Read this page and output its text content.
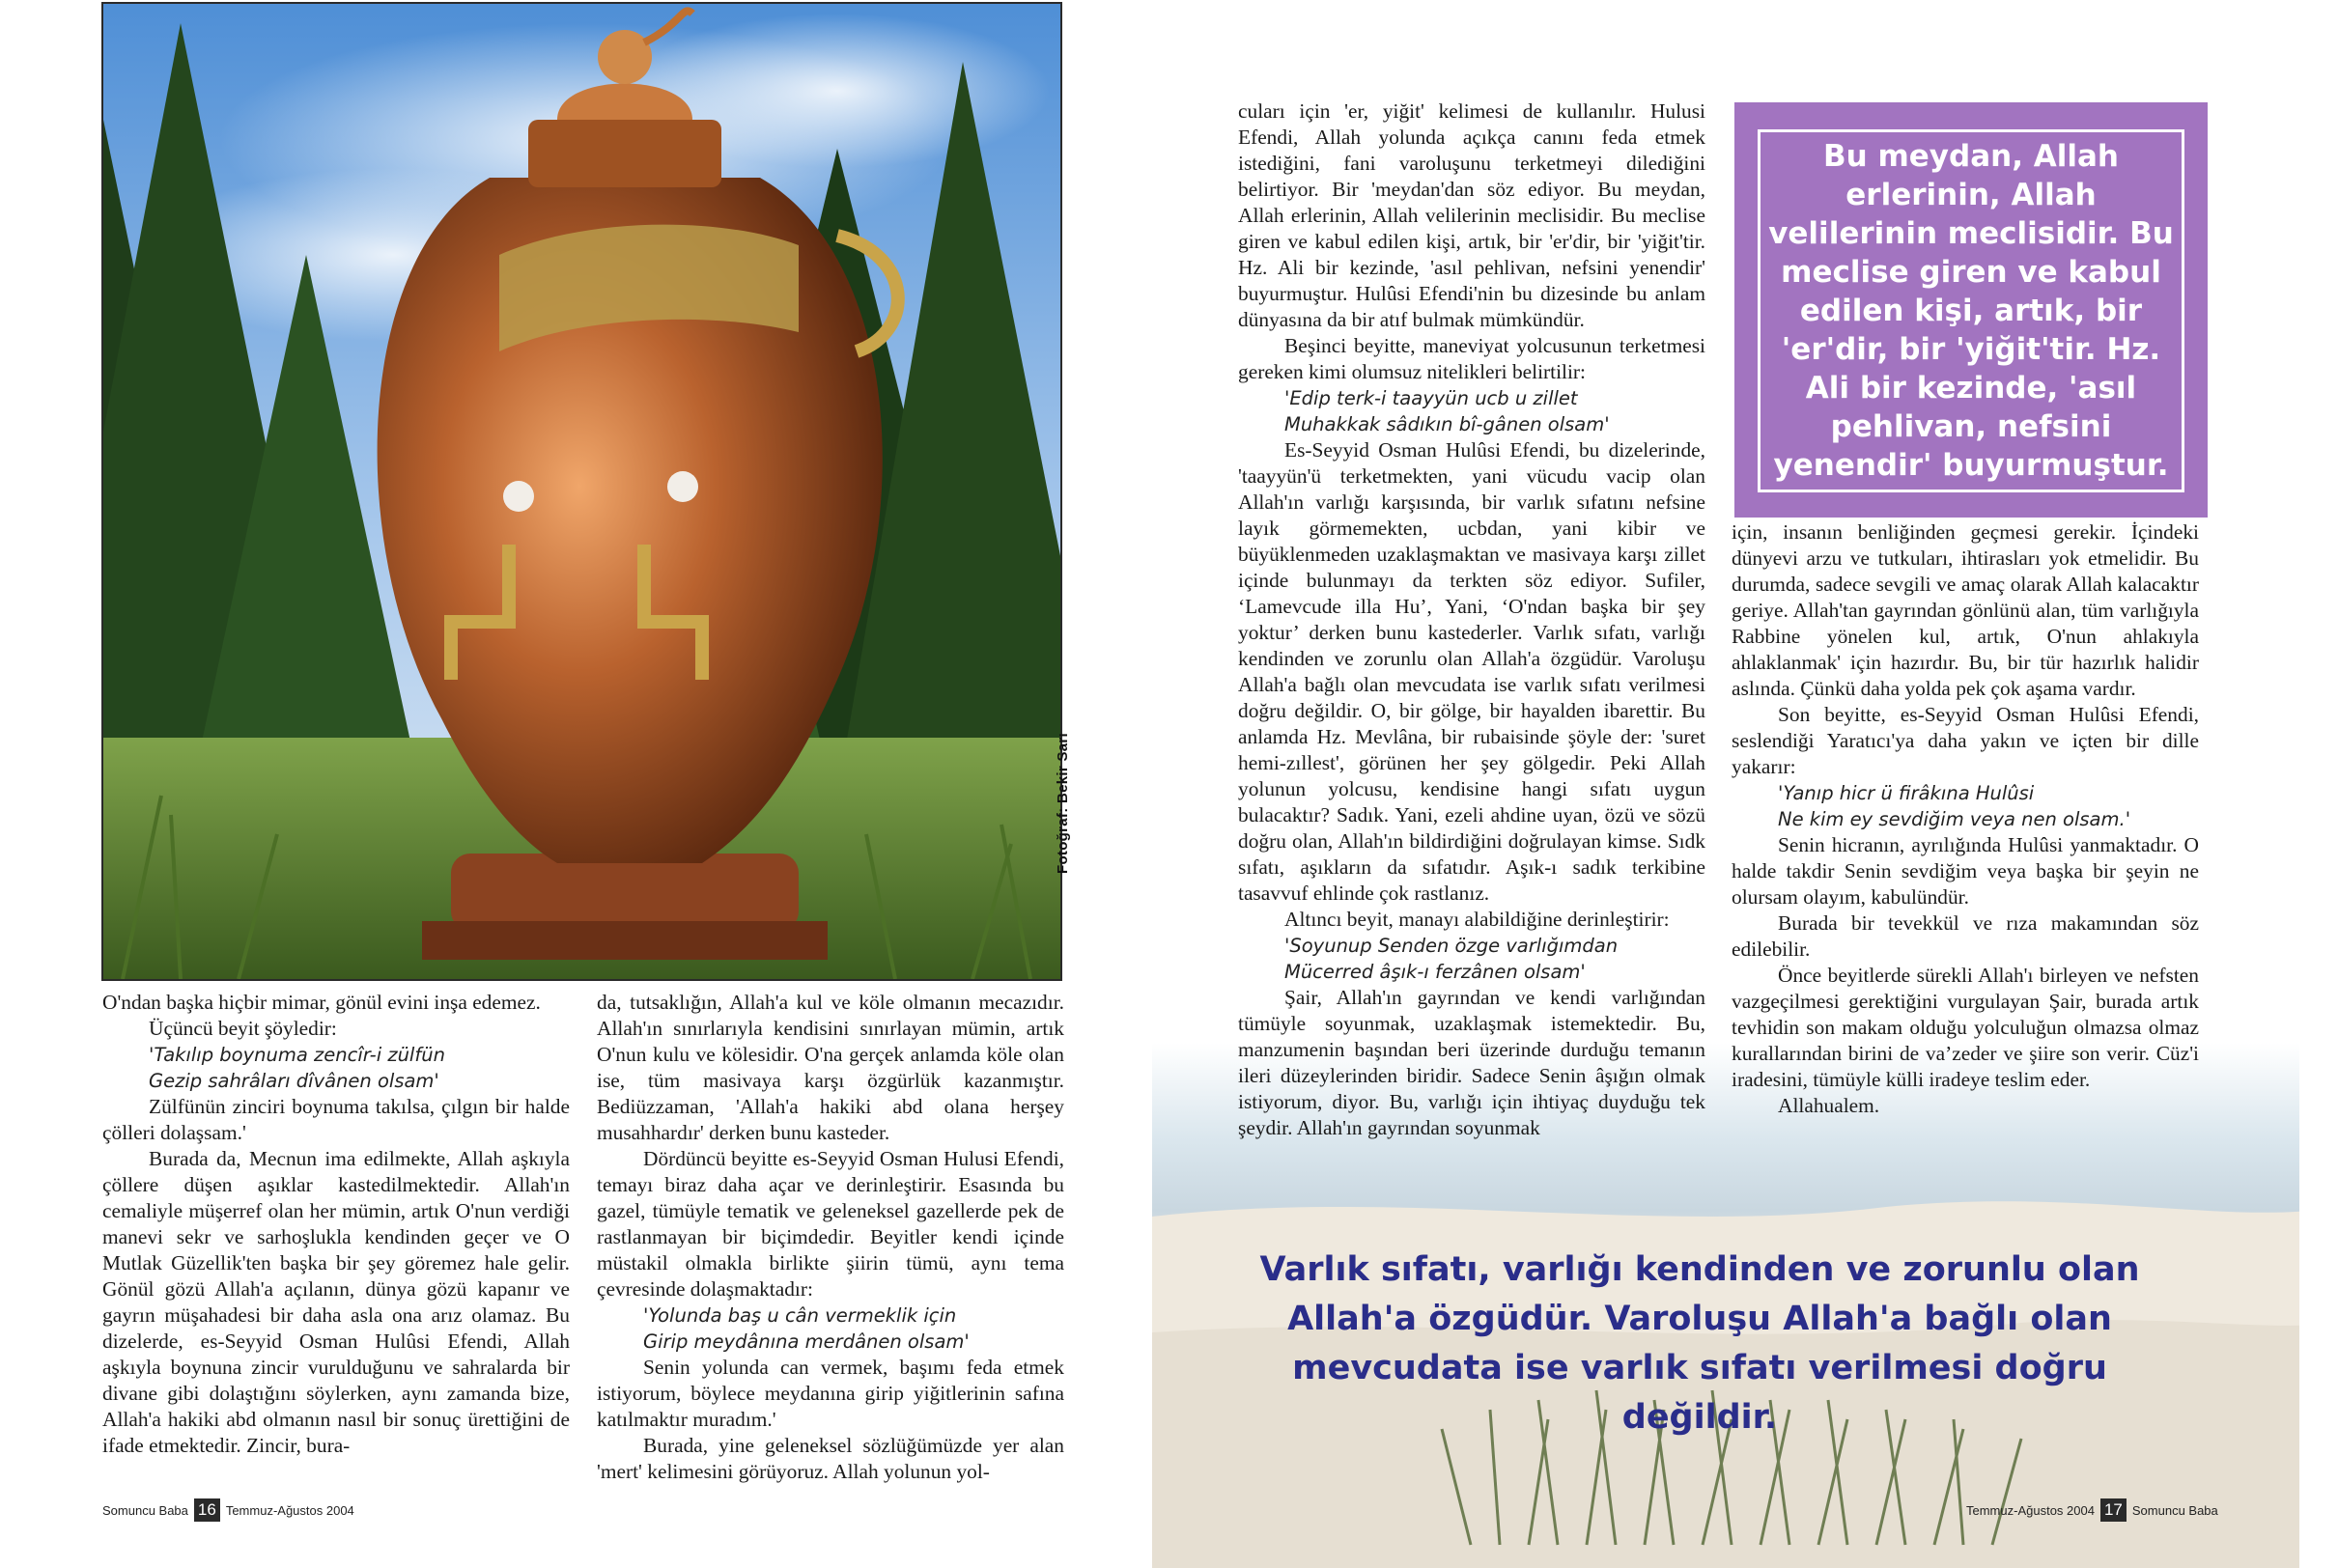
Fotoğraf: Bekir Sarı

O'ndan başka hiçbir mimar, gönül evini inşa edemez.

Üçüncü beyit şöyledir:

'Takılıp boynuma zencîr-i zülfün

Gezip sahrâları dîvânen olsam'

Zülfünün zinciri boynuma takılsa, çılgın bir halde çölleri dolaşsam.'

Burada da, Mecnun ima edilmekte, Allah aşkıyla çöllere düşen aşıklar kastedilmektedir. Allah'ın cemaliyle müşerref olan her mümin, artık O'nun verdiği manevi sekr ve sarhoşlukla kendinden geçer ve O Mutlak Güzellik'ten başka bir şey göremez hale gelir. Gönül gözü Allah'a açılanın, dünya gözü kapanır ve gayrın müşahadesi bir daha asla ona arız olamaz. Bu dizelerde, es-Seyyid Osman Hulûsi Efendi, Allah aşkıyla boynuna zincir vurulduğunu ve sahralarda bir divane gibi dolaştığını söylerken, aynı zamanda bize, Allah'a hakiki abd olmanın nasıl bir sonuç ürettiğini de ifade etmektedir. Zincir, bura-

da, tutsaklığın, Allah'a kul ve köle olmanın mecazıdır. Allah'ın sınırlarıyla kendisini sınırlayan mümin, artık O'nun kulu ve kölesidir. O'na gerçek anlamda köle olan ise, tüm masivaya karşı özgürlük kazanmıştır. Bediüzzaman, 'Allah'a hakiki abd olana herşey musahhardır' derken bunu kasteder.

Dördüncü beyitte es-Seyyid Osman Hulusi Efendi, temayı biraz daha açar ve derinleştirir. Esasında bu gazel, tümüyle tematik ve geleneksel gazellerde pek de rastlanmayan bir biçimdedir. Beyitler kendi içinde müstakil olmakla birlikte şiirin tümü, aynı tema çevresinde dolaşmaktadır:

'Yolunda baş u cân vermeklik için

Girip meydânına merdânen olsam'

Senin yolunda can vermek, başımı feda etmek istiyorum, böylece meydanına girip yiğitlerinin safına katılmaktır muradım.'

Burada, yine geleneksel sözlüğümüzde yer alan 'mert' kelimesini görüyoruz. Allah yolunun yol-

Somuncu Baba 16 Temmuz-Ağustos 2004

cuları için 'er, yiğit' kelimesi de kullanılır. Hulusi Efendi, Allah yolunda açıkça canını feda etmek istediğini, fani varoluşunu terketmeyi dilediğini belirtiyor. Bir 'meydan'dan söz ediyor. Bu meydan, Allah erlerinin, Allah velilerinin meclisidir. Bu meclise giren ve kabul edilen kişi, artık, bir 'er'dir, bir 'yiğit'tir. Hz. Ali bir kezinde, 'asıl pehlivan, nefsini yenendir' buyurmuştur. Hulûsi Efendi'nin bu dizesinde bu anlam dünyasına da bir atıf bulmak mümkündür.

Beşinci beyitte, maneviyat yolcusunun terketmesi gereken kimi olumsuz nitelikleri belirtilir:

'Edip terk-i taayyün ucb u zillet

Muhakkak sâdıkın bî-gânen olsam'

Es-Seyyid Osman Hulûsi Efendi, bu dizelerinde, 'taayyün'ü terketmekten, yani vücudu vacip olan Allah'ın varlığı karşısında, bir varlık sıfatını nefsine layık görmemekten, ucbdan, yani kibir ve büyüklenmeden uzaklaşmaktan ve masivaya karşı zillet içinde bulunmayı da terkten söz ediyor. Sufiler, ‘Lamevcude illa Hu’, Yani, ‘O'ndan başka bir şey yoktur’ derken bunu kastederler. Varlık sıfatı, varlığı kendinden ve zorunlu olan Allah'a özgüdür. Varoluşu Allah'a bağlı olan mevcudata ise varlık sıfatı verilmesi doğru değildir. O, bir gölge, bir hayalden ibarettir. Bu anlamda Hz. Mevlâna, bir rubaisinde şöyle der: 'suret hemi-zıllest', görünen her şey gölgedir. Peki Allah yolunun yolcusu, kendisine hangi sıfatı uygun bulacaktır? Sadık. Yani, ezeli ahdine uyan, özü ve sözü doğru olan, Allah'ın bildirdiğini doğrulayan kimse. Sıdk sıfatı, aşıkların da sıfatıdır. Aşık-ı sadık terkibine tasavvuf ehlinde çok rastlanız.

Altıncı beyit, manayı alabildiğine derinleştirir:

'Soyunup Senden özge varlığımdan

Mücerred âşık-ı ferzânen olsam'

Şair, Allah'ın gayrından ve kendi varlığından tümüyle soyunmak, uzaklaşmak istemektedir. Bu, manzumenin başından beri üzerinde durduğu temanın ileri düzeylerinden biridir. Sadece Senin âşığın olmak istiyorum, diyor. Bu, varlığı için ihtiyaç duyduğu tek şeydir. Allah'ın gayrından soyunmak

için, insanın benliğinden geçmesi gerekir. İçindeki dünyevi arzu ve tutkuları, ihtirasları yok etmelidir. Bu durumda, sadece sevgili ve amaç olarak Allah kalacaktır geriye. Allah'tan gayrından gönlünü alan, tüm varlığıyla Rabbine yönelen kul, artık, O'nun ahlakıyla ahlaklanmak' için hazırdır. Bu, bir tür hazırlık halidir aslında. Çünkü daha yolda pek çok aşama vardır.

Son beyitte, es-Seyyid Osman Hulûsi Efendi, seslendiği Yaratıcı'ya daha yakın ve içten bir dille yakarır:

'Yanıp hicr ü firâkına Hulûsi

Ne kim ey sevdiğim veya nen olsam.'

Senin hicranın, ayrılığında Hulûsi yanmaktadır. O halde takdir Senin sevdiğim veya başka bir şeyin ne olursam olayım, kabulündür.

Burada bir tevekkül ve rıza makamından söz edilebilir.

Önce beyitlerde sürekli Allah'ı birleyen ve nefsten vazgeçilmesi gerektiğini vurgulayan Şair, burada artık tevhidin son makam olduğu yolculuğun olmazsa olmaz kurallarından birini de va’zeder ve şiire son verir. Cüz'i iradesini, tümüyle külli iradeye teslim eder.

Allahualem.

Bu meydan, Allah erlerinin, Allah velilerinin meclisidir. Bu meclise giren ve kabul edilen kişi, artık, bir 'er'dir, bir 'yiğit'tir. Hz. Ali bir kezinde, 'asıl pehlivan, nefsini yenendir' buyurmuştur.
Varlık sıfatı, varlığı kendinden ve zorunlu olan Allah'a özgüdür. Varoluşu Allah'a bağlı olan mevcudata ise varlık sıfatı verilmesi doğru değildir.
Temmuz-Ağustos 2004 17 Somuncu Baba
